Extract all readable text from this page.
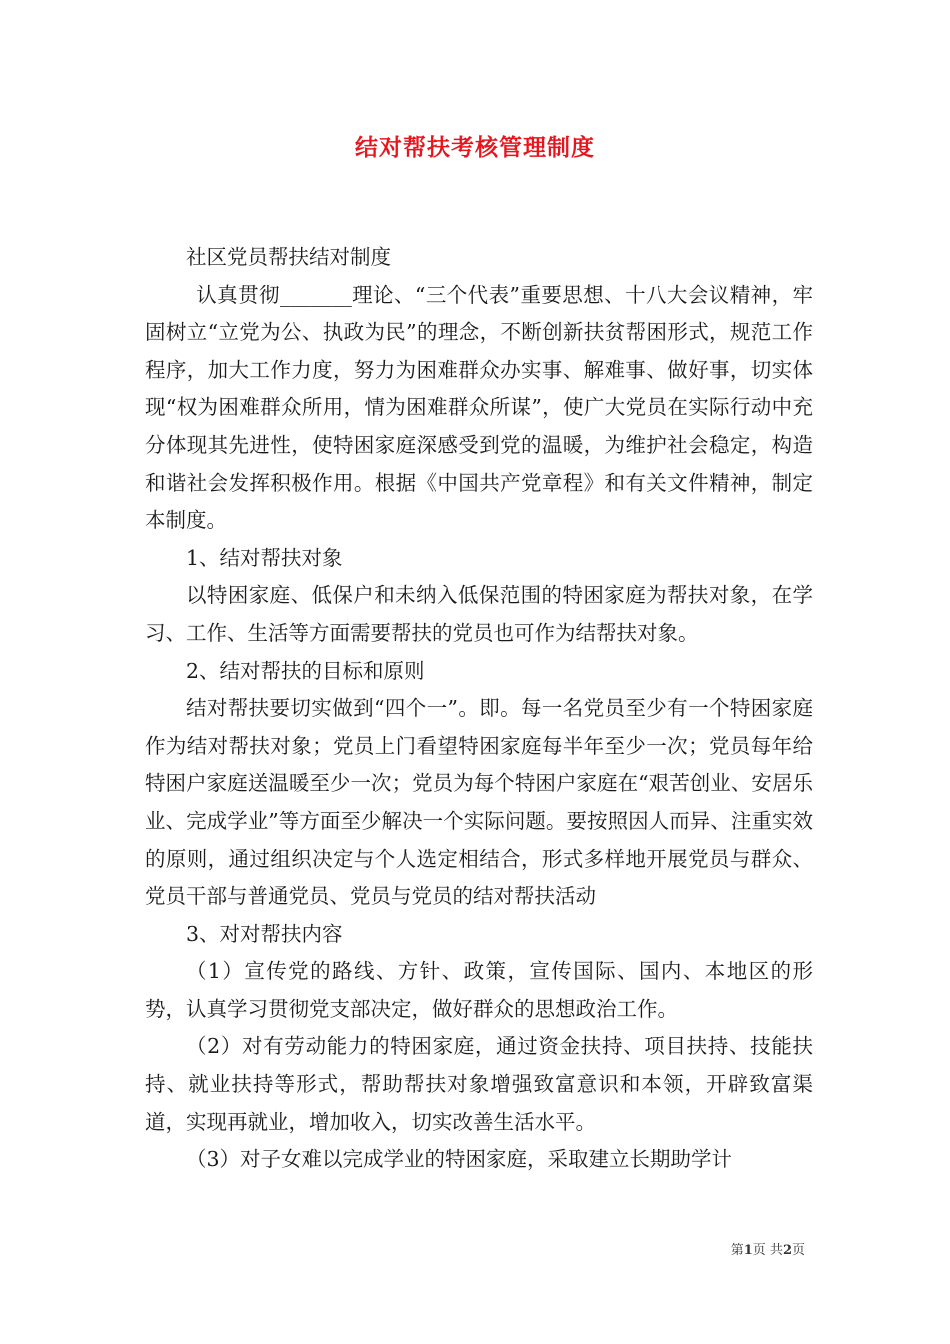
结对帮扶考核管理制度

社区党员帮扶结对制度

认真贯彻_______理论、“三个代表”重要思想、十八大会议精神，牢固树立“立党为公、执政为民”的理念，不断创新扶贫帮困形式，规范工作程序，加大工作力度，努力为困难群众办实事、解难事、做好事，切实体现“权为困难群众所用，情为困难群众所谋”，使广大党员在实际行动中充分体现其先进性，使特困家庭深感受到党的温暖，为维护社会稳定，构造和谐社会发挥积极作用。根据《中国共产党章程》和有关文件精神，制定本制度。

1、结对帮扶对象

以特困家庭、低保户和未纳入低保范围的特困家庭为帮扶对象，在学习、工作、生活等方面需要帮扶的党员也可作为结帮扶对象。

2、结对帮扶的目标和原则

结对帮扶要切实做到“四个一”。即。每一名党员至少有一个特困家庭作为结对帮扶对象；党员上门看望特困家庭每半年至少一次；党员每年给特困户家庭送温暖至少一次；党员为每个特困户家庭在“艰苦创业、安居乐业、完成学业”等方面至少解决一个实际问题。要按照因人而异、注重实效的原则，通过组织决定与个人选定相结合，形式多样地开展党员与群众、党员干部与普通党员、党员与党员的结对帮扶活动

3、对对帮扶内容

（1）宣传党的路线、方针、政策，宣传国际、国内、本地区的形势，认真学习贯彻党支部决定，做好群众的思想政治工作。

（2）对有劳动能力的特困家庭，通过资金扶持、项目扶持、技能扶持、就业扶持等形式，帮助帮扶对象增强致富意识和本领，开辟致富渠道，实现再就业，增加收入，切实改善生活水平。

（3）对子女难以完成学业的特困家庭，采取建立长期助学计

第1页 共2页
